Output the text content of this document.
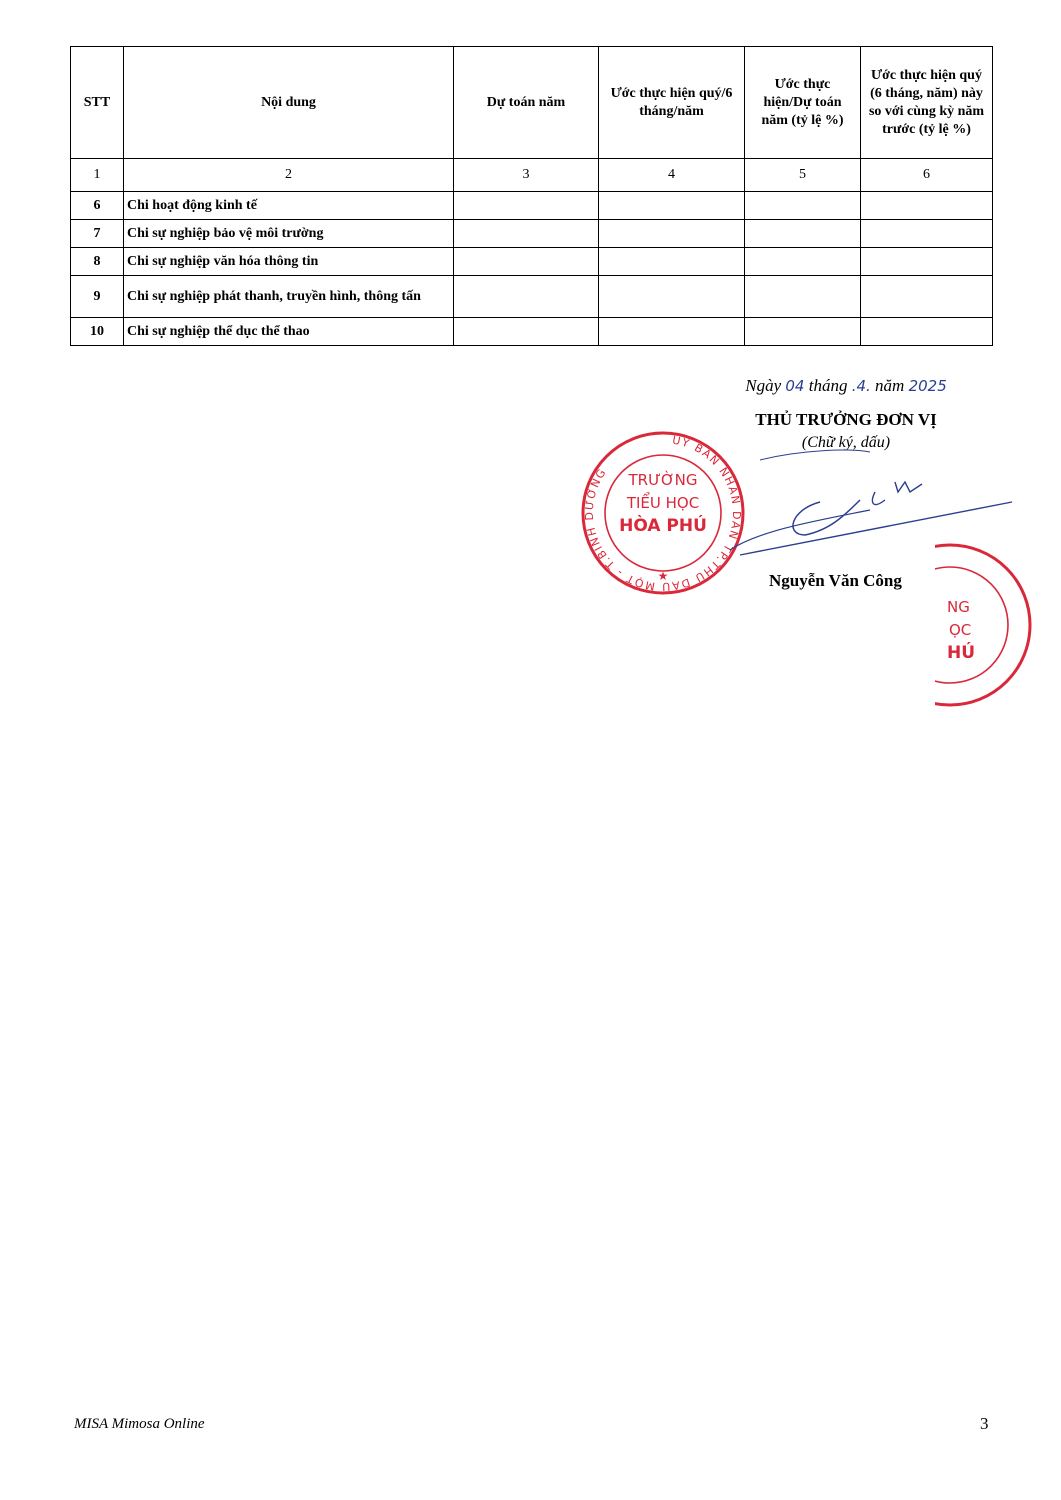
STT	Nội dung	Dự toán năm	Ước thực hiện quý/6 tháng/năm	Ước thực hiện/Dự toán năm (tỷ lệ %)	Ước thực hiện quý (6 tháng, năm) này so với cùng kỳ năm trước (tỷ lệ %)
1	2	3	4	5	6
6	Chi hoạt động kinh tế				
7	Chi sự nghiệp bảo vệ môi trường				
8	Chi sự nghiệp văn hóa thông tin				
9	Chi sự nghiệp phát thanh, truyền hình, thông tấn				
10	Chi sự nghiệp thể dục thể thao				
Ngày 04 tháng .4. năm 2025
THỦ TRƯỞNG ĐƠN VỊ
(Chữ ký, dấu)
ỦY BAN NHÂN DÂN TP.THỦ DẦU MỘT - T.BÌNH DƯƠNG
★
TRƯỜNG
TIỂU HỌC
HÒA PHÚ
Nguyễn Văn Công
NG
ỌC
HÚ
MISA Mimosa Online	3
